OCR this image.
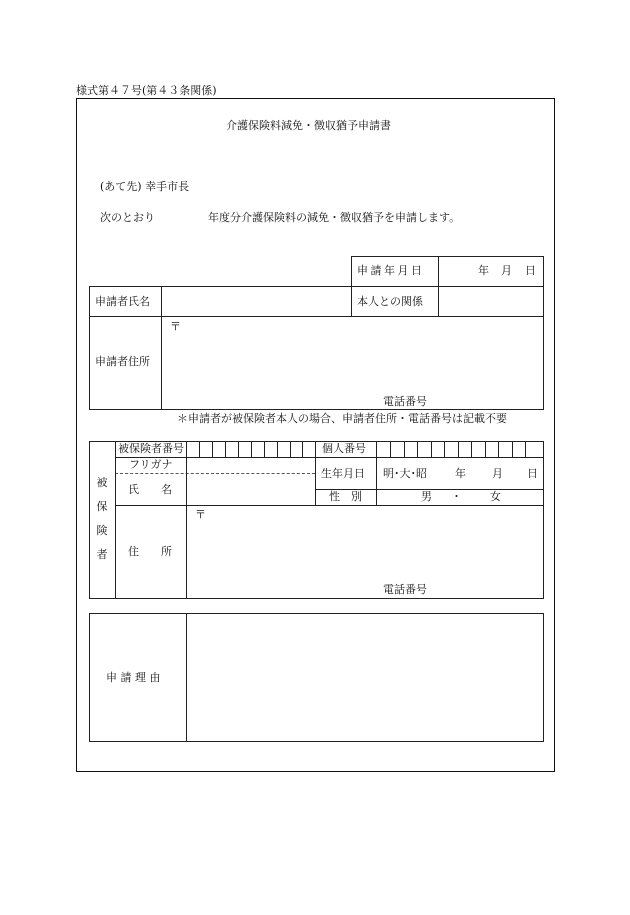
様式第４７号(第４３条関係)
介護保険料減免・徴収猶予申請書
(あて先) 幸手市長
次のとおり	年度分介護保険料の減免・徴収猶予を申請します。
申請年月日	年 月 日
申請者氏名	本人との関係
〒
申請者住所
電話番号
＊申請者が被保険者本人の場合、申請者住所・電話番号は記載不要
被
保
険
者
被保険者番号	個人番号
フリガナ
氏　　名
生年月日 明･大･昭	年 月 日
性　別	男 ・	女
〒
住　　所
電話番号
申 請 理 由
